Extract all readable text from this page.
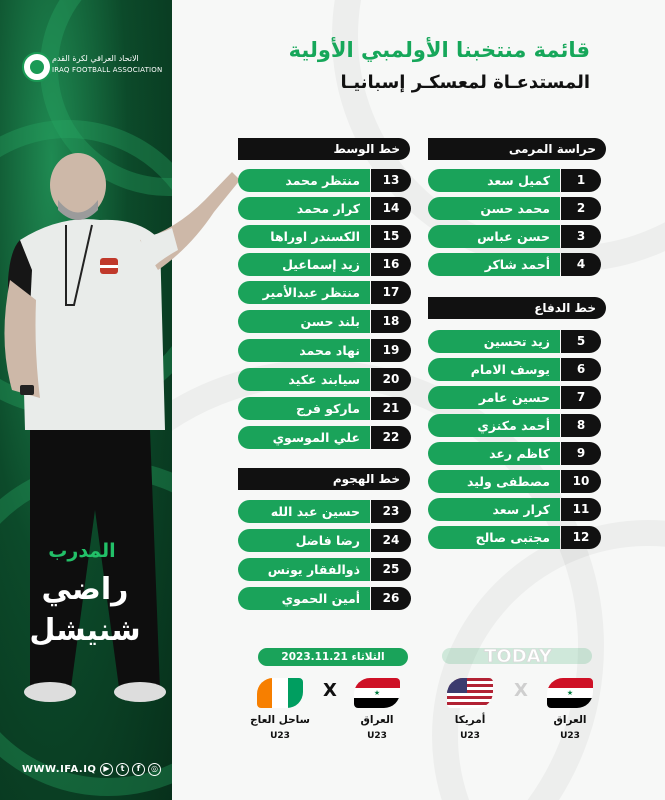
الاتحاد العراقي لكرة القدم
IRAQ FOOTBALL ASSOCIATION
المدرب
راضي
شنيشل
WWW.IFA.IQ ▶	t	f	◎
قائمة منتخبنا الأولمبي الأولية
المستدعـاة لمعسكـر إسبانيـا
حراسة المرمى
كميل سعد	1
محمد حسن	2
حسن عباس	3
أحمد شاكر	4
خط الدفاع
زيد تحسين	5
يوسف الامام	6
حسين عامر	7
أحمد مكنزي	8
كاظم رعد	9
مصطفى وليد	10
كرار سعد	11
مجتبى صالح	12
خط الوسط
منتظر محمد	13
كرار محمد	14
الكسندر اوراها	15
زيد إسماعيل	16
منتظر عبدالأمير	17
بلند حسن	18
نهاد محمد	19
سيابند عكيد	20
ماركو فرج	21
علي الموسوي	22
خط الهجوم
حسين عبد الله	23
رضا فاضل	24
ذوالفقار يونس	25
أمين الحموي	26
الثلاثاء 2023.11.21	TODAY
★
X
العراق
ساحل العاج
U23
U23
★
X
العراق
أمريكا
U23
U23
